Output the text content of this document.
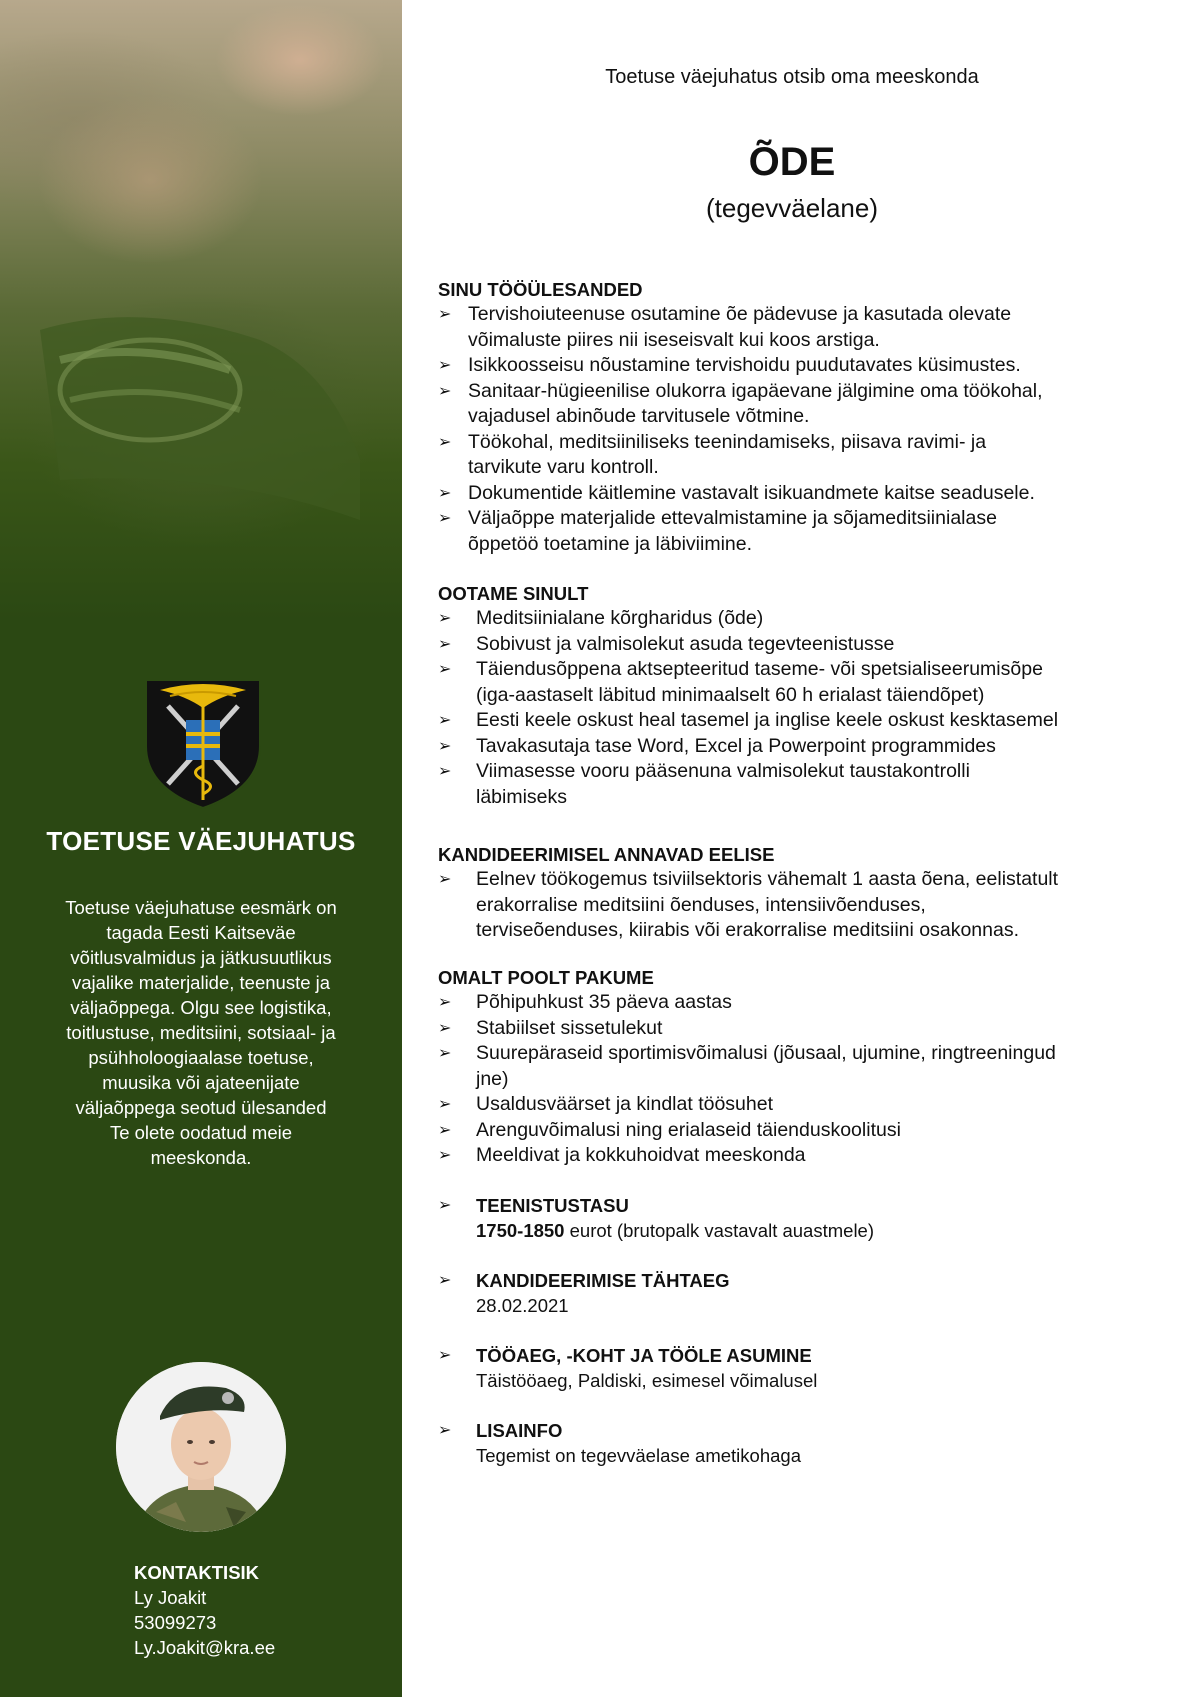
TOETUSE VÄEJUHATUS
Toetuse väejuhatuse eesmärk on
tagada Eesti Kaitseväe
võitlusvalmidus ja jätkusuutlikus
vajalike materjalide, teenuste ja
väljaõppega. Olgu see logistika,
toitlustuse, meditsiini, sotsiaal- ja
psühholoogiaalase toetuse,
muusika või ajateenijate
väljaõppega seotud ülesanded
Te olete oodatud meie
meeskonda.
KONTAKTISIK
Ly Joakit
53099273
Ly.Joakit@kra.ee
Toetuse väejuhatus otsib oma meeskonda
ÕDE
(tegevväelane)
SINU TÖÖÜLESANDED
➢ Tervishoiuteenuse osutamine õe pädevuse ja kasutada olevate
võimaluste piires nii iseseisvalt kui koos arstiga.
➢ Isikkoosseisu nõustamine tervishoidu puudutavates küsimustes.
➢ Sanitaar-hügieenilise olukorra igapäevane jälgimine oma töökohal,
vajadusel abinõude tarvitusele võtmine.
➢ Töökohal, meditsiiniliseks teenindamiseks, piisava ravimi- ja
tarvikute varu kontroll.
➢ Dokumentide käitlemine vastavalt isikuandmete kaitse seadusele.
➢ Väljaõppe materjalide ettevalmistamine ja sõjameditsiinialase
õppetöö toetamine ja läbiviimine.
OOTAME SINULT
➢ Meditsiinialane kõrgharidus (õde)
➢ Sobivust ja valmisolekut asuda tegevteenistusse
➢ Täiendusõppena aktsepteeritud taseme- või spetsialiseerumisõpe
(iga-aastaselt läbitud minimaalselt 60 h erialast täiendõpet)
➢ Eesti keele oskust heal tasemel ja inglise keele oskust kesktasemel
➢ Tavakasutaja tase Word, Excel ja Powerpoint programmides
➢ Viimasesse vooru pääsenuna valmisolekut taustakontrolli
läbimiseks
KANDIDEERIMISEL ANNAVAD EELISE
➢ Eelnev töökogemus tsiviilsektoris vähemalt 1 aasta õena, eelistatult
erakorralise meditsiini õenduses, intensiivõenduses,
terviseõenduses, kiirabis või erakorralise meditsiini osakonnas.
OMALT POOLT PAKUME
➢ Põhipuhkust 35 päeva aastas
➢ Stabiilset sissetulekut
➢ Suurepäraseid sportimisvõimalusi (jõusaal, ujumine, ringtreeningud
jne)
➢ Usaldusväärset ja kindlat töösuhet
➢ Arenguvõimalusi ning erialaseid täienduskoolitusi
➢ Meeldivat ja kokkuhoidvat meeskonda
➢ TEENISTUSTASU
1750-1850 eurot (brutopalk vastavalt auastmele)
➢ KANDIDEERIMISE TÄHTAEG
28.02.2021
➢ TÖÖAEG, -KOHT JA TÖÖLE ASUMINE
Täistööaeg, Paldiski, esimesel võimalusel
➢ LISAINFO
Tegemist on tegevväelase ametikohaga
